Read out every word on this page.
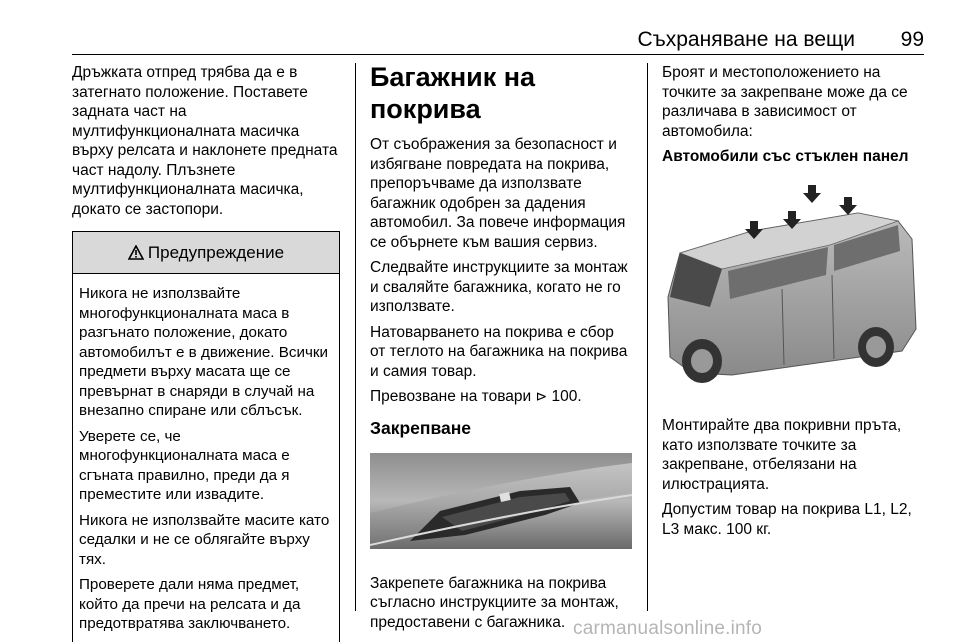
Съхраняване на вещи 99

Дръжката отпред трябва да е в затегнато положение. Поставете задната част на мултифункционалната масичка върху релсата и наклонете предната част надолу. Плъзнете мултифункционалната масичка, докато се застопори.

Предупреждение

Никога не използвайте многофункционалната маса в разгънато положение, докато автомобилът е в движение. Всички предмети върху масата ще се превърнат в снаряди в случай на внезапно спиране или сблъсък.

Уверете се, че многофункционалната маса е сгъната правилно, преди да я преместите или извадите.

Никога не използвайте масите като седалки и не се облягайте върху тях.

Проверете дали няма предмет, който да пречи на релсата и да предотвратява заключването.

Багажник на покрива

От съображения за безопасност и избягване повредата на покрива, препоръчваме да използвате багажник одобрен за дадения автомобил. За повече информация се обърнете към вашия сервиз.

Следвайте инструкциите за монтаж и сваляйте багажника, когато не го използвате.

Натоварването на покрива е сбор от теглото на багажника на покрива и самия товар.

Превозване на товари ⊳ 100.

Закрепване

Закрепете багажника на покрива съгласно инструкциите за монтаж, предоставени с багажника.

Броят и местоположението на точките за закрепване може да се различава в зависимост от автомобила:

Автомобили със стъклен панел

Монтирайте два покривни пръта, като използвате точките за закрепване, отбелязани на илюстрацията.

Допустим товар на покрива L1, L2, L3 макс. 100 кг.

carmanualsonline.info
